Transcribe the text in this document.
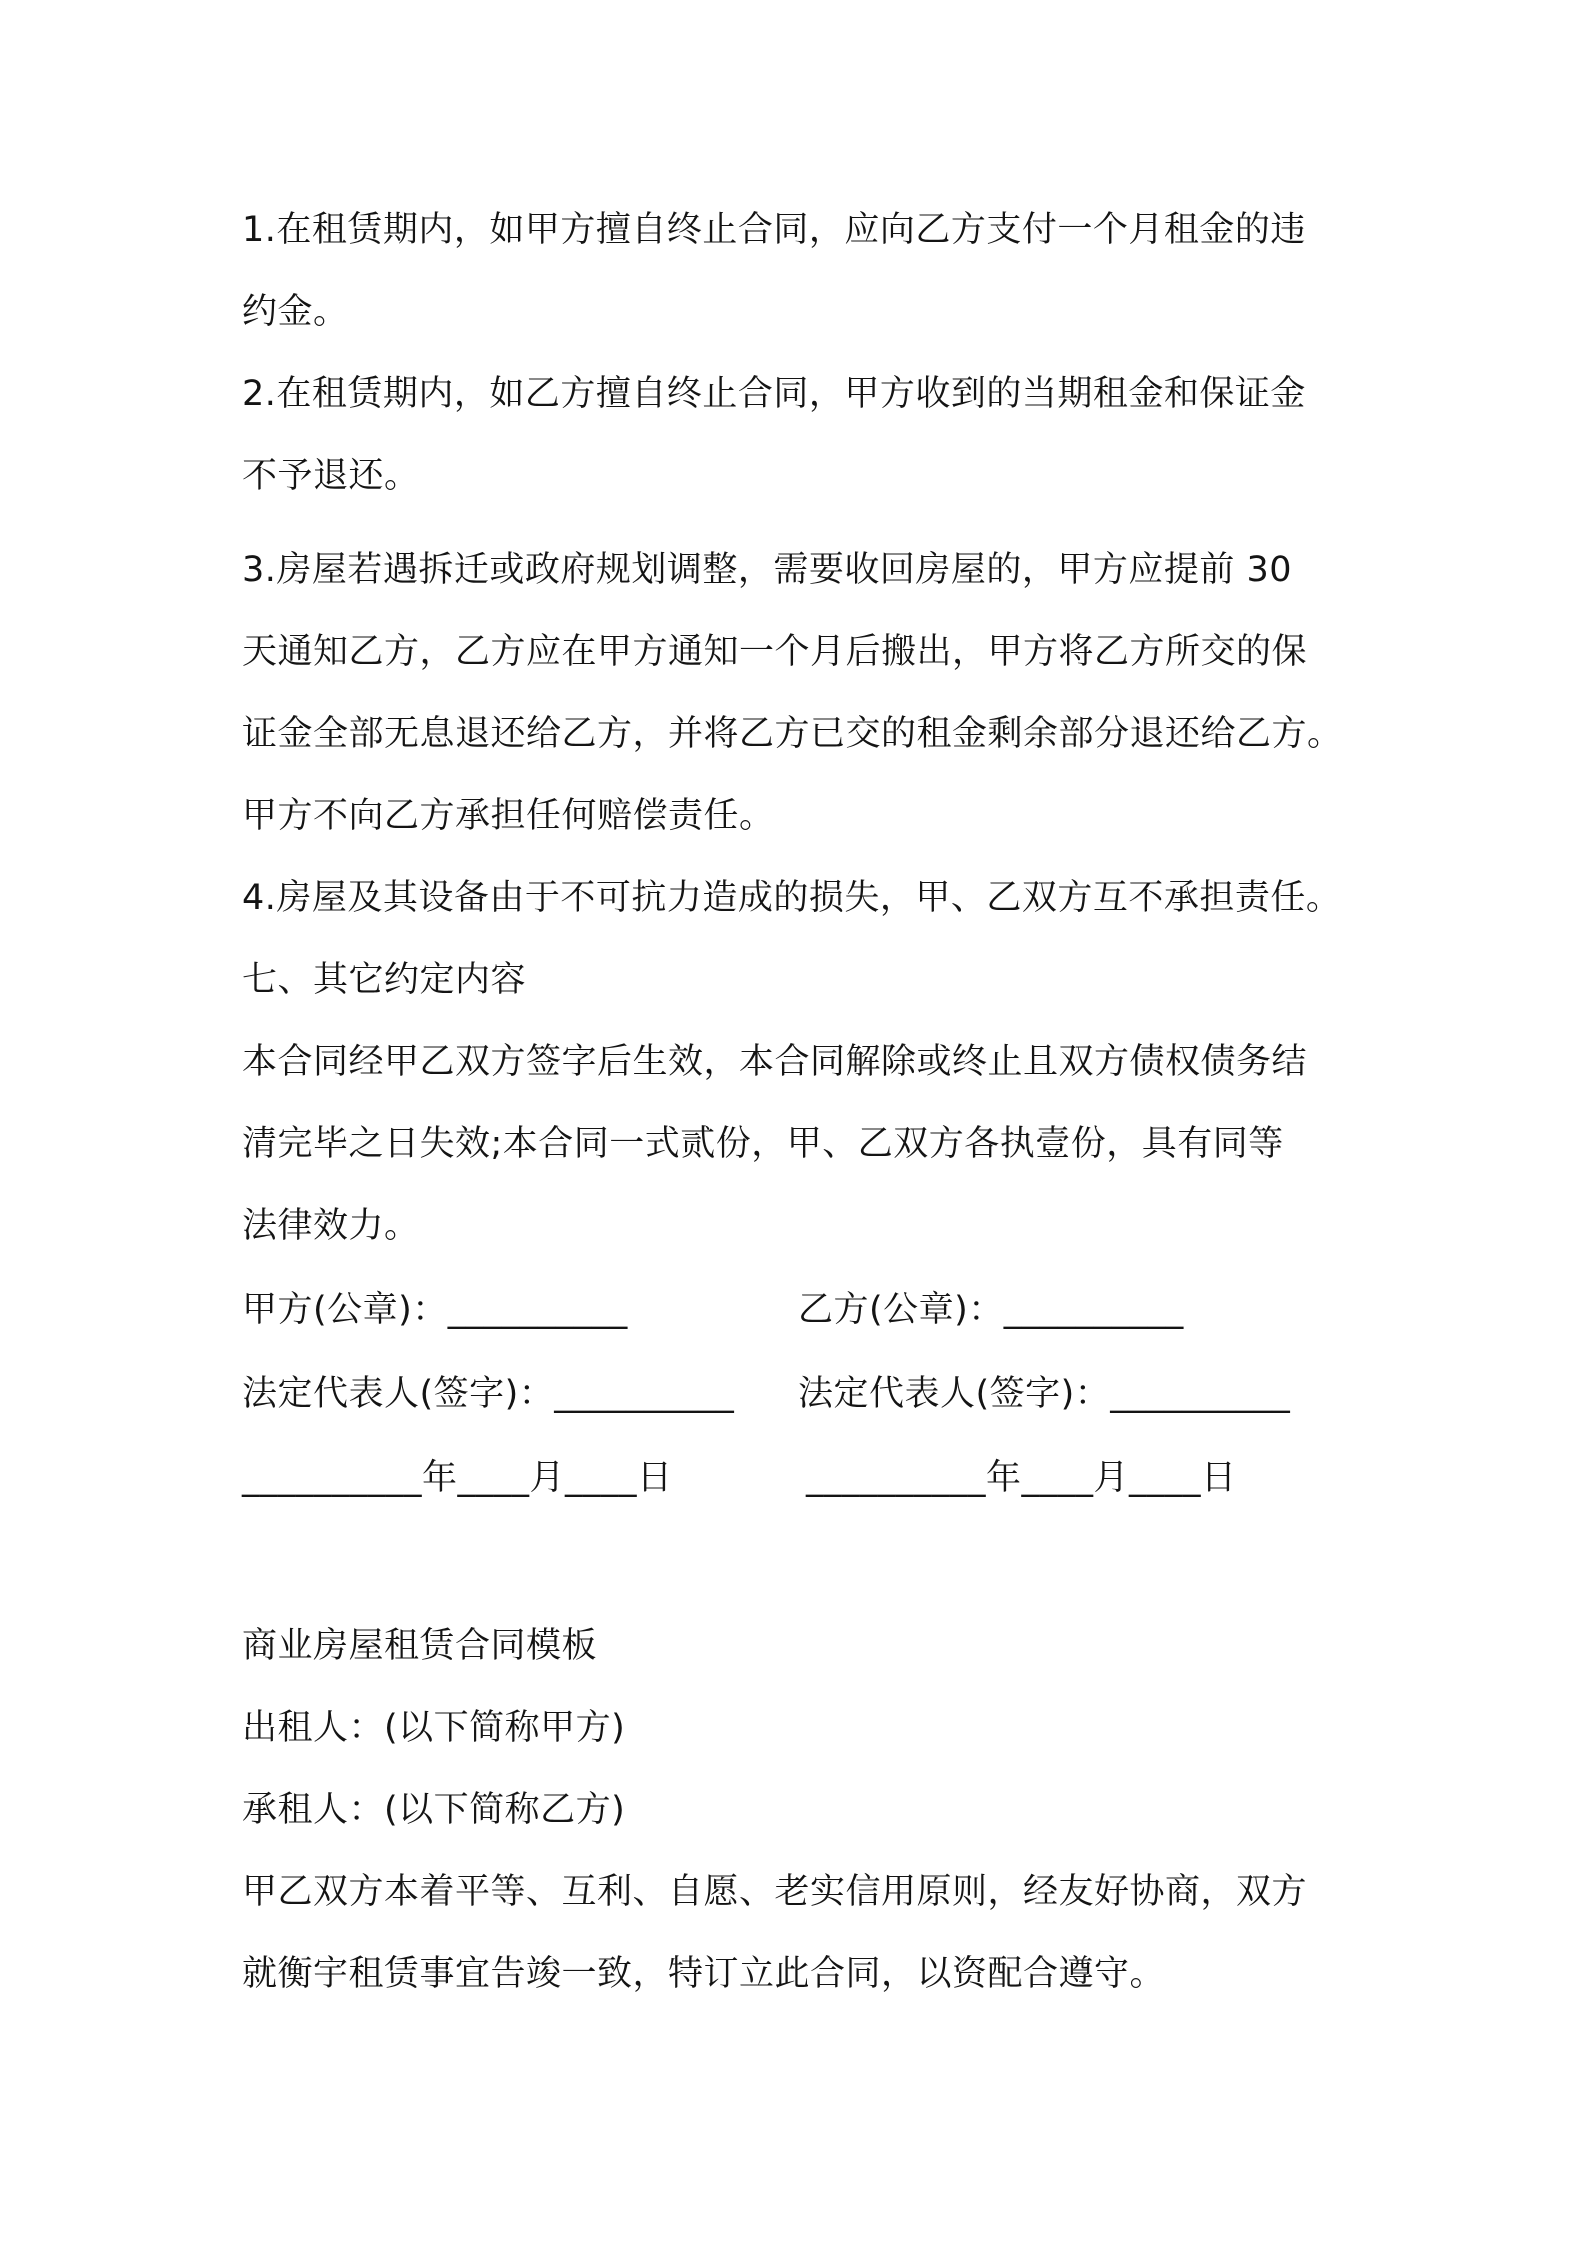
1.在租赁期内，如甲方擅自终止合同，应向乙方支付一个月租金的违
约金。
2.在租赁期内，如乙方擅自终止合同，甲方收到的当期租金和保证金
不予退还。
3.房屋若遇拆迁或政府规划调整，需要收回房屋的，甲方应提前 30
天通知乙方，乙方应在甲方通知一个月后搬出，甲方将乙方所交的保
证金全部无息退还给乙方，并将乙方已交的租金剩余部分退还给乙方。
甲方不向乙方承担任何赔偿责任。
4.房屋及其设备由于不可抗力造成的损失，甲、乙双方互不承担责任。
七、其它约定内容
本合同经甲乙双方签字后生效，本合同解除或终止且双方债权债务结
清完毕之日失效;本合同一式贰份，甲、乙双方各执壹份，具有同等
法律效力。
甲方(公章)：__________	乙方(公章)：__________
法定代表人(签字)：__________ 法定代表人(签字)：__________
__________年____月____日	__________年____月____日
商业房屋租赁合同模板
出租人：(以下简称甲方)
承租人：(以下简称乙方)
甲乙双方本着平等、互利、自愿、老实信用原则，经友好协商，双方
就衡宇租赁事宜告竣一致，特订立此合同，以资配合遵守。
